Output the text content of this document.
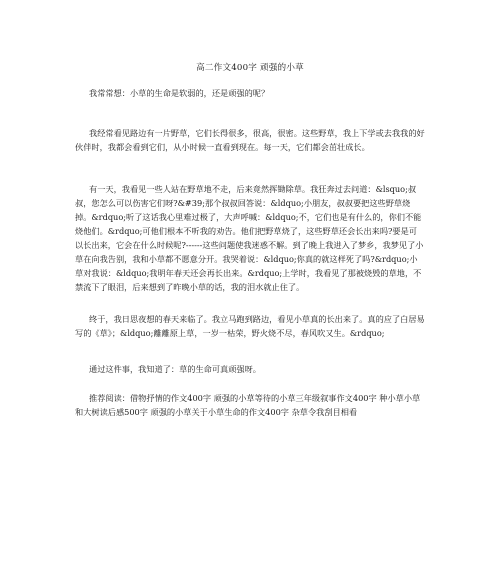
高二作文400字 顽强的小草

我常常想：小草的生命是软弱的，还是顽强的呢？

我经常看见路边有一片野草，它们长得很多，很高，很密。这些野草，我上下学或去我我的好伙伴时，我都会看到它们，从小时候一直看到现在。每一天，它们都会茁壮成长。

有一天，我看见一些人站在野草地不走，后来竟然挥锄除草。我狂奔过去问道：&lsquo;叔叔，您怎么可以伤害它们呀?&#39;那个叔叔回答说：&ldquo;小朋友，叔叔要把这些野草烧掉。&rdquo;听了这话我心里难过极了，大声呼喊：&ldquo;不，它们也是有什么的，你们不能烧他们。&rdquo;可他们根本不听我的劝告。他们把野草烧了，这些野草还会长出来吗?要是可以长出来，它会在什么时候呢?------这些问题使我迷惑不解。到了晚上我进入了梦乡，我梦见了小草在向我告别，我和小草都不愿意分开。我哭着说：&ldquo;你真的就这样死了吗?&rdquo;小草对我说：&ldquo;我明年春天还会再长出来。&rdquo;上学时，我看见了那被烧毁的草地，不禁流下了眼泪，后来想到了昨晚小草的话，我的泪水就止住了。

终于，我日思夜想的春天来临了。我立马跑到路边，看见小草真的长出来了。真的应了白居易写的《草》；&ldquo;離離原上草，一岁一枯荣，野火烧不尽，春风吹又生。&rdquo;

通过这件事，我知道了：草的生命可真顽强呀。

推荐阅读：借物抒情的作文400字 顽强的小草等待的小草三年级叙事作文400字 种小草小草和大树读后感500字 顽强的小草关于小草生命的作文400字 杂草令我刮目相看
